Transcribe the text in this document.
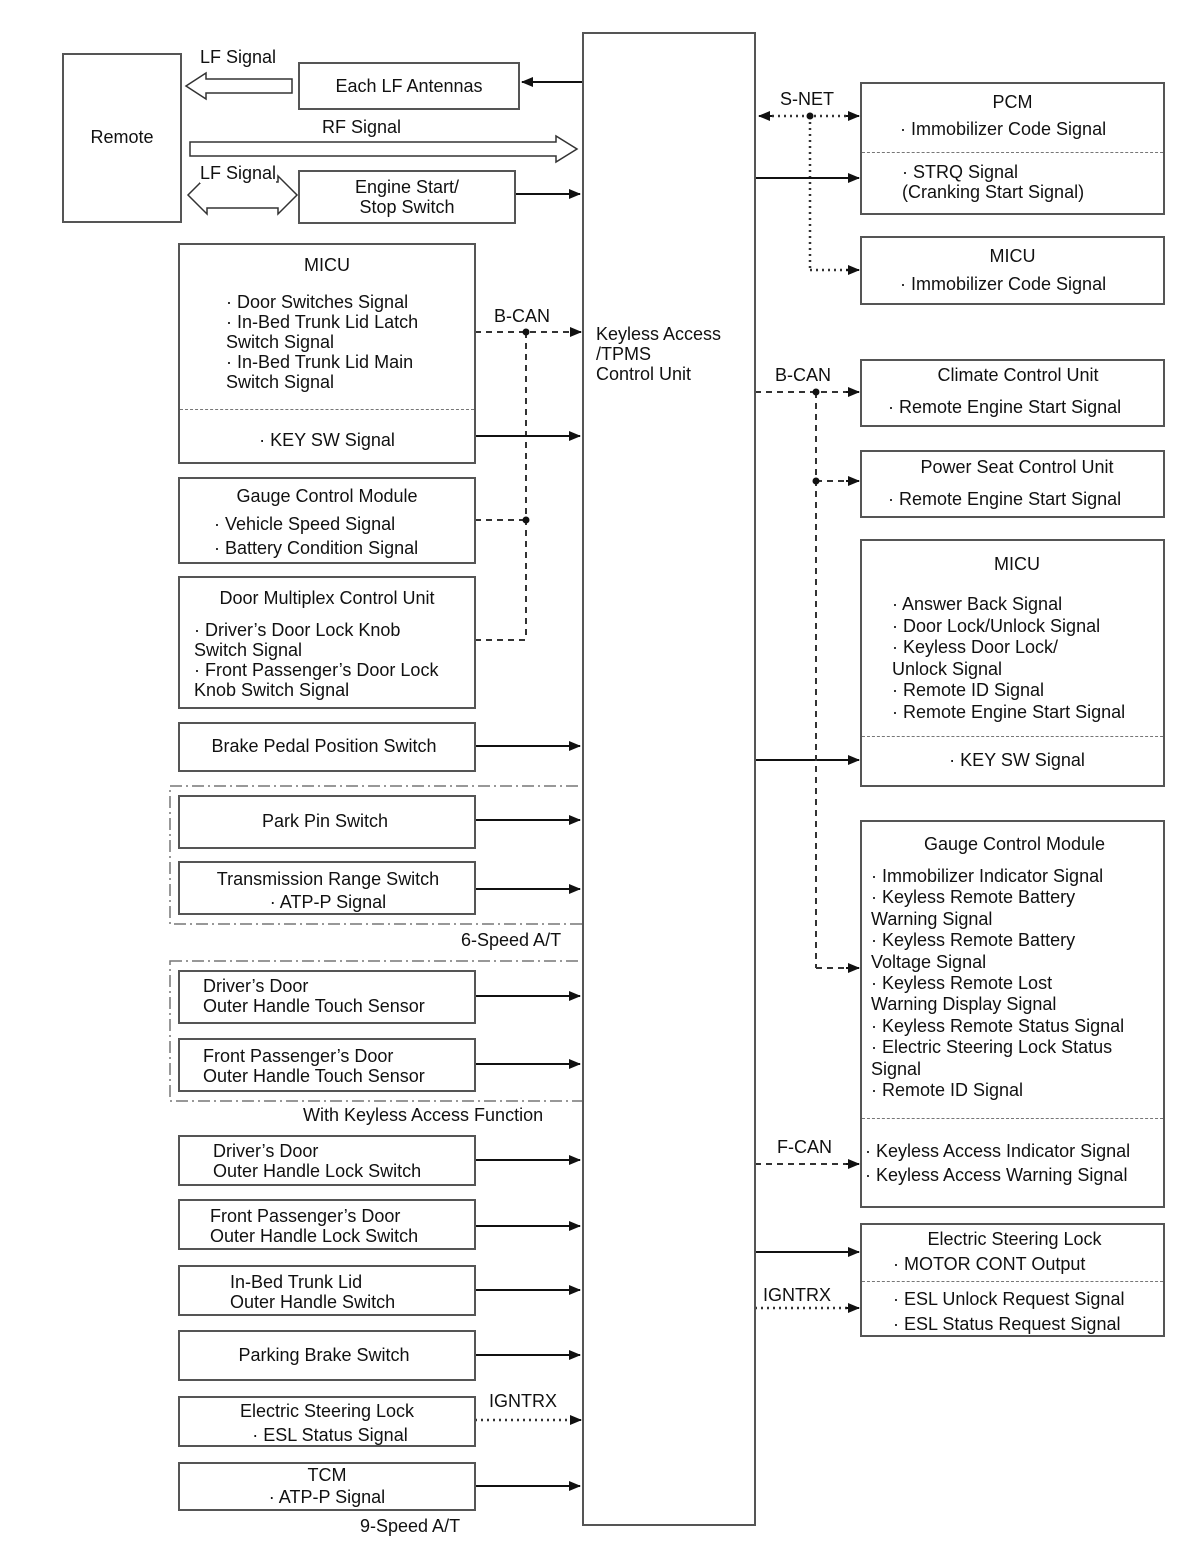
Remote
LF Signal
RF Signal
LF Signal
Each LF Antennas
Engine Start/
Stop Switch
MICU
· Door Switches Signal
· In-Bed Trunk Lid Latch
Switch Signal
· In-Bed Trunk Lid Main
Switch Signal
· KEY SW Signal
B-CAN
Gauge Control Module
· Vehicle Speed Signal
· Battery Condition Signal
Door Multiplex Control Unit
· Driver’s Door Lock Knob
Switch Signal
· Front Passenger’s Door Lock
Knob Switch Signal
Brake Pedal Position Switch
Park Pin Switch
Transmission Range Switch
· ATP-P Signal
6-Speed A/T
Driver’s Door
Outer Handle Touch Sensor
Front Passenger’s Door
Outer Handle Touch Sensor
With Keyless Access Function
Driver’s Door
Outer Handle Lock Switch
Front Passenger’s Door
Outer Handle Lock Switch
In-Bed Trunk Lid
Outer Handle Switch
Parking Brake Switch
Electric Steering Lock
· ESL Status Signal
IGNTRX
TCM
· ATP-P Signal
9-Speed A/T
Keyless Access
/TPMS
Control Unit
S-NET	PCM
· Immobilizer Code Signal
· STRQ Signal
(Cranking Start Signal)
MICU
· Immobilizer Code Signal
B-CAN	Climate Control Unit
· Remote Engine Start Signal
Power Seat Control Unit
· Remote Engine Start Signal
MICU
· Answer Back Signal
· Door Lock/Unlock Signal
· Keyless Door Lock/
Unlock Signal
· Remote ID Signal
· Remote Engine Start Signal
· KEY SW Signal
Gauge Control Module
· Immobilizer Indicator Signal
· Keyless Remote Battery
Warning Signal
· Keyless Remote Battery
Voltage Signal
· Keyless Remote Lost
Warning Display Signal
· Keyless Remote Status Signal
· Electric Steering Lock Status
Signal
· Remote ID Signal
· Keyless Access Indicator Signal
· Keyless Access Warning Signal
F-CAN
Electric Steering Lock
· MOTOR CONT Output
· ESL Unlock Request Signal
· ESL Status Request Signal
IGNTRX
